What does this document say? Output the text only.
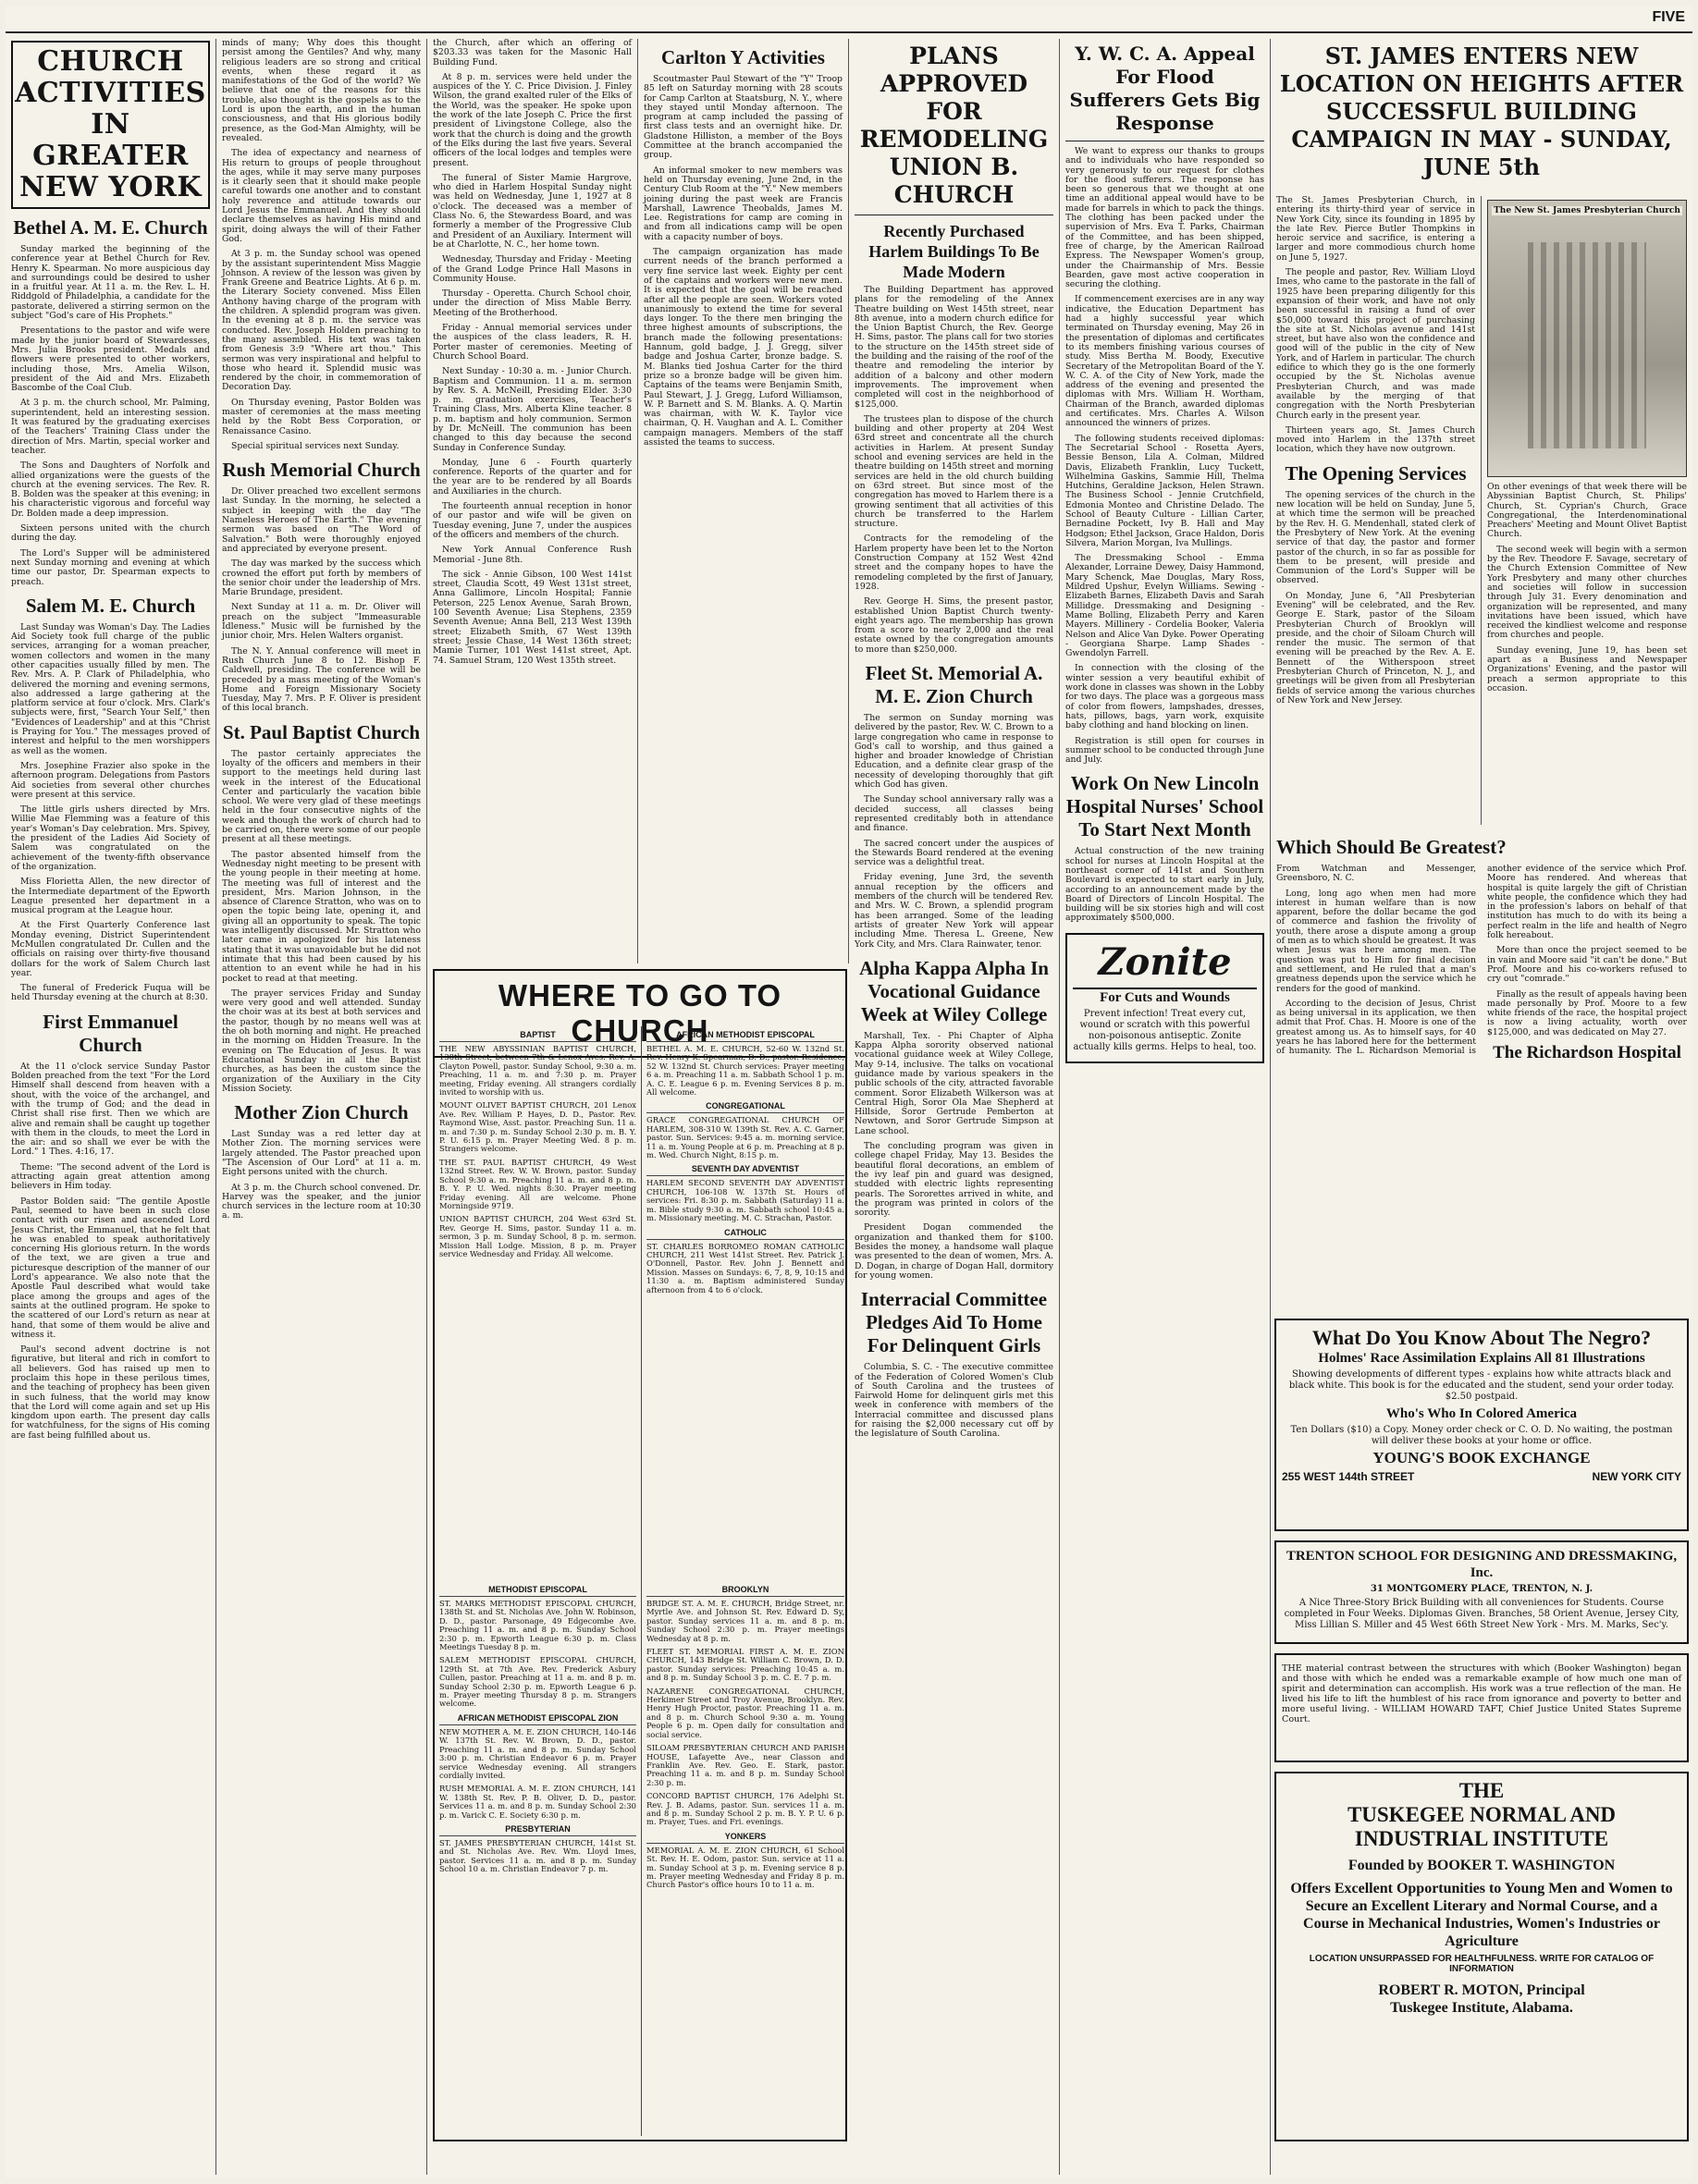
FIVE
CHURCH ACTIVITIES IN GREATER NEW YORK
Bethel A. M. E. Church

Sunday marked the beginning of the conference year at Bethel Church for Rev. Henry K. Spearman. No more auspicious day and surroundings could be desired to usher in a fruitful year. At 11 a. m. the Rev. L. H. Riddgold of Philadelphia, a candidate for the pastorate, delivered a stirring sermon on the subject "God's care of His Prophets."

Presentations to the pastor and wife were made by the junior board of Stewardesses, Mrs. Julia Brooks president. Medals and flowers were presented to other workers, including those, Mrs. Amelia Wilson, president of the Aid and Mrs. Elizabeth Bascombe of the Coal Club.

At 3 p. m. the church school, Mr. Palming, superintendent, held an interesting session. It was featured by the graduating exercises of the Teachers' Training Class under the direction of Mrs. Martin, special worker and teacher.

The Sons and Daughters of Norfolk and allied organizations were the guests of the church at the evening services. The Rev. R. B. Bolden was the speaker at this evening; in his characteristic vigorous and forceful way Dr. Bolden made a deep impression.

Sixteen persons united with the church during the day.

The Lord's Supper will be administered next Sunday morning and evening at which time our pastor, Dr. Spearman expects to preach.

Salem M. E. Church

Last Sunday was Woman's Day. The Ladies Aid Society took full charge of the public services, arranging for a woman preacher, women collectors and women in the many other capacities usually filled by men. The Rev. Mrs. A. P. Clark of Philadelphia, who delivered the morning and evening sermons, also addressed a large gathering at the platform service at four o'clock. Mrs. Clark's subjects were, first, "Search Your Self," then "Evidences of Leadership" and at this "Christ is Praying for You." The messages proved of interest and helpful to the men worshippers as well as the women.

Mrs. Josephine Frazier also spoke in the afternoon program. Delegations from Pastors Aid societies from several other churches were present at this service.

The little girls ushers directed by Mrs. Willie Mae Flemming was a feature of this year's Woman's Day celebration. Mrs. Spivey, the president of the Ladies Aid Society of Salem was congratulated on the achievement of the twenty-fifth observance of the organization.

Miss Florietta Allen, the new director of the Intermediate department of the Epworth League presented her department in a musical program at the League hour.

At the First Quarterly Conference last Monday evening, District Superintendent McMullen congratulated Dr. Cullen and the officials on raising over thirty-five thousand dollars for the work of Salem Church last year.

The funeral of Frederick Fuqua will be held Thursday evening at the church at 8:30.

First Emmanuel Church

At the 11 o'clock service Sunday Pastor Bolden preached from the text "For the Lord Himself shall descend from heaven with a shout, with the voice of the archangel, and with the trump of God; and the dead in Christ shall rise first. Then we which are alive and remain shall be caught up together with them in the clouds, to meet the Lord in the air: and so shall we ever be with the Lord." 1 Thes. 4:16, 17.

Theme: "The second advent of the Lord is attracting again great attention among believers in Him today.

Pastor Bolden said: "The gentile Apostle Paul, seemed to have been in such close contact with our risen and ascended Lord Jesus Christ, the Emmanuel, that he felt that he was enabled to speak authoritatively concerning His glorious return. In the words of the text, we are given a true and picturesque description of the manner of our Lord's appearance. We also note that the Apostle Paul described what would take place among the groups and ages of the saints at the outlined program. He spoke to the scattered of our Lord's return as near at hand, that some of them would be alive and witness it.

Paul's second advent doctrine is not figurative, but literal and rich in comfort to all believers. God has raised up men to proclaim this hope in these perilous times, and the teaching of prophecy has been given in such fulness, that the world may know that the Lord will come again and set up His kingdom upon earth. The present day calls for watchfulness, for the signs of His coming are fast being fulfilled about us.

minds of many; Why does this thought persist among the Gentiles? And why, many religious leaders are so strong and critical events, when these regard it as manifestations of the God of the world? We believe that one of the reasons for this trouble, also thought is the gospels as to the Lord is upon the earth, and in the human consciousness, and that His glorious bodily presence, as the God-Man Almighty, will be revealed.

The idea of expectancy and nearness of His return to groups of people throughout the ages, while it may serve many purposes is it clearly seen that it should make people careful towards one another and to constant holy reverence and attitude towards our Lord Jesus the Emmanuel. And they should declare themselves as having His mind and spirit, doing always the will of their Father God.

At 3 p. m. the Sunday school was opened by the assistant superintendent Miss Maggie Johnson. A review of the lesson was given by Frank Greene and Beatrice Lights. At 6 p. m. the Literary Society convened. Miss Ellen Anthony having charge of the program with the children. A splendid program was given. In the evening at 8 p. m. the service was conducted. Rev. Joseph Holden preaching to the many assembled. His text was taken from Genesis 3:9 "Where art thou." This sermon was very inspirational and helpful to those who heard it. Splendid music was rendered by the choir, in commemoration of Decoration Day.

On Thursday evening, Pastor Bolden was master of ceremonies at the mass meeting held by the Robt Bess Corporation, or Renaissance Casino.

Special spiritual services next Sunday.

Rush Memorial Church

Dr. Oliver preached two excellent sermons last Sunday. In the morning, he selected a subject in keeping with the day "The Nameless Heroes of The Earth." The evening sermon was based on "The Word of Salvation." Both were thoroughly enjoyed and appreciated by everyone present.

The day was marked by the success which crowned the effort put forth by members of the senior choir under the leadership of Mrs. Marie Brundage, president.

Next Sunday at 11 a. m. Dr. Oliver will preach on the subject "Immeasurable Idleness." Music will be furnished by the junior choir, Mrs. Helen Walters organist.

The N. Y. Annual conference will meet in Rush Church June 8 to 12. Bishop F. Caldwell, presiding. The conference will be preceded by a mass meeting of the Woman's Home and Foreign Missionary Society Tuesday, May 7. Mrs. P. F. Oliver is president of this local branch.

St. Paul Baptist Church

The pastor certainly appreciates the loyalty of the officers and members in their support to the meetings held during last week in the interest of the Educational Center and particularly the vacation bible school. We were very glad of these meetings held in the four consecutive nights of the week and though the work of church had to be carried on, there were some of our people present at all these meetings.

The pastor absented himself from the Wednesday night meeting to be present with the young people in their meeting at home. The meeting was full of interest and the president, Mrs. Marion Johnson, in the absence of Clarence Stratton, who was on to open the topic being late, opening it, and giving all an opportunity to speak. The topic was intelligently discussed. Mr. Stratton who later came in apologized for his lateness stating that it was unavoidable but he did not intimate that this had been caused by his attention to an event while he had in his pocket to read at that meeting.

The prayer services Friday and Sunday were very good and well attended. Sunday the choir was at its best at both services and the pastor, though by no means well was at the oh both morning and night. He preached in the morning on Hidden Treasure. In the evening on The Education of Jesus. It was Educational Sunday in all the Baptist churches, as has been the custom since the organization of the Auxiliary in the City Mission Society.

Mother Zion Church

Last Sunday was a red letter day at Mother Zion. The morning services were largely attended. The Pastor preached upon "The Ascension of Our Lord" at 11 a. m. Eight persons united with the church.

At 3 p. m. the Church school convened. Dr. Harvey was the speaker, and the junior church services in the lecture room at 10:30 a. m.

the Church, after which an offering of $203.33 was taken for the Masonic Hall Building Fund.

At 8 p. m. services were held under the auspices of the Y. C. Price Division. J. Finley Wilson, the grand exalted ruler of the Elks of the World, was the speaker. He spoke upon the work of the late Joseph C. Price the first president of Livingstone College, also the work that the church is doing and the growth of the Elks during the last five years. Several officers of the local lodges and temples were present.

The funeral of Sister Mamie Hargrove, who died in Harlem Hospital Sunday night was held on Wednesday, June 1, 1927 at 8 o'clock. The deceased was a member of Class No. 6, the Stewardess Board, and was formerly a member of the Progressive Club and President of an Auxiliary. Interment will be at Charlotte, N. C., her home town.

Wednesday, Thursday and Friday - Meeting of the Grand Lodge Prince Hall Masons in Community House.

Thursday - Operetta. Church School choir, under the direction of Miss Mable Berry. Meeting of the Brotherhood.

Friday - Annual memorial services under the auspices of the class leaders, R. H. Porter master of ceremonies. Meeting of Church School Board.

Next Sunday - 10:30 a. m. - Junior Church. Baptism and Communion. 11 a. m. sermon by Rev. S. A. McNeill, Presiding Elder. 3:30 p. m. graduation exercises, Teacher's Training Class, Mrs. Alberta Kline teacher. 8 p. m. baptism and holy communion. Sermon by Dr. McNeill. The communion has been changed to this day because the second Sunday in Conference Sunday.

Monday, June 6 - Fourth quarterly conference. Reports of the quarter and for the year are to be rendered by all Boards and Auxiliaries in the church.

The fourteenth annual reception in honor of our pastor and wife will be given on Tuesday evening, June 7, under the auspices of the officers and members of the church.

New York Annual Conference Rush Memorial - June 8th.

The sick - Annie Gibson, 100 West 141st street, Claudia Scott, 49 West 131st street, Anna Gallimore, Lincoln Hospital; Fannie Peterson, 225 Lenox Avenue, Sarah Brown, 100 Seventh Avenue; Lisa Stephens, 2359 Seventh Avenue; Anna Bell, 213 West 139th street; Elizabeth Smith, 67 West 139th street; Jessie Chase, 14 West 136th street; Mamie Turner, 101 West 141st street, Apt. 74. Samuel Stram, 120 West 135th street.

Carlton Y Activities

Scoutmaster Paul Stewart of the "Y" Troop 85 left on Saturday morning with 28 scouts for Camp Carlton at Staatsburg, N. Y., where they stayed until Monday afternoon. The program at camp included the passing of first class tests and an overnight hike. Dr. Gladstone Hilliston, a member of the Boys Committee at the branch accompanied the group.

An informal smoker to new members was held on Thursday evening, June 2nd, in the Century Club Room at the "Y." New members joining during the past week are Francis Marshall, Lawrence Theobalds, James M. Lee. Registrations for camp are coming in and from all indications camp will be open with a capacity number of boys.

The campaign organization has made current needs of the branch performed a very fine service last week. Eighty per cent of the captains and workers were new men. It is expected that the goal will be reached after all the people are seen. Workers voted unanimously to extend the time for several days longer. To the there men bringing the three highest amounts of subscriptions, the branch made the following presentations: Hannum, gold badge, J. J. Gregg, silver badge and Joshua Carter, bronze badge. S. M. Blanks tied Joshua Carter for the third prize so a bronze badge will be given him. Captains of the teams were Benjamin Smith, Paul Stewart, J. J. Gregg, Luford Williamson, W. P. Barnett and S. M. Blanks. A. Q. Martin was chairman, with W. K. Taylor vice chairman, Q. H. Vaughan and A. L. Comither campaign managers. Members of the staff assisted the teams to success.

WHERE TO GO TO CHURCH
BAPTIST
THE NEW ABYSSINIAN BAPTIST CHURCH, 138th Street, between 7th & Lenox Aves. Rev. A. Clayton Powell, pastor. Sunday School, 9:30 a. m. Preaching, 11 a. m. and 7:30 p. m. Prayer meeting, Friday evening. All strangers cordially invited to worship with us.
MOUNT OLIVET BAPTIST CHURCH, 201 Lenox Ave. Rev. William P. Hayes, D. D., Pastor. Rev. Raymond Wise, Asst. pastor. Preaching Sun. 11 a. m. and 7:30 p. m. Sunday School 2:30 p. m. B. Y. P. U. 6:15 p. m. Prayer Meeting Wed. 8 p. m. Strangers welcome.
THE ST. PAUL BAPTIST CHURCH, 49 West 132nd Street. Rev. W. W. Brown, pastor. Sunday School 9:30 a. m. Preaching 11 a. m. and 8 p. m. B. Y. P. U. Wed. nights 8:30. Prayer meeting Friday evening. All are welcome. Phone Morningside 9719.
UNION BAPTIST CHURCH, 204 West 63rd St. Rev. George H. Sims, pastor. Sunday 11 a. m. sermon, 3 p. m. Sunday School, 8 p. m. sermon. Mission Hall Lodge. Mission, 8 p. m. Prayer service Wednesday and Friday. All welcome.
AFRICAN METHODIST EPISCOPAL
BETHEL A. M. E. CHURCH, 52-60 W. 132nd St. Rev. Henry K. Spearman, D. D., pastor. Residence, 52 W. 132nd St. Church services: Prayer meeting 6 a. m. Preaching 11 a. m. Sabbath School 1 p. m. A. C. E. League 6 p. m. Evening Services 8 p. m. All welcome.
CONGREGATIONAL
GRACE CONGREGATIONAL CHURCH OF HARLEM, 308-310 W. 139th St. Rev. A. C. Garner, pastor. Sun. Services: 9:45 a. m. morning service. 11 a. m. Young People at 6 p. m. Preaching at 8 p. m. Wed. Church Night, 8:15 p. m.
SEVENTH DAY ADVENTIST
HARLEM SECOND SEVENTH DAY ADVENTIST CHURCH, 106-108 W. 137th St. Hours of services: Fri. 8:30 p. m. Sabbath (Saturday) 11 a. m. Bible study 9:30 a. m. Sabbath school 10:45 a. m. Missionary meeting. M. C. Strachan, Pastor.
CATHOLIC
ST. CHARLES BORROMEO ROMAN CATHOLIC CHURCH, 211 West 141st Street. Rev. Patrick J. O'Donnell, Pastor. Rev. John J. Bennett and Mission. Masses on Sundays: 6, 7, 8, 9, 10:15 and 11:30 a. m. Baptism administered Sunday afternoon from 4 to 6 o'clock.
METHODIST EPISCOPAL
ST. MARKS METHODIST EPISCOPAL CHURCH, 138th St. and St. Nicholas Ave. John W. Robinson, D. D., pastor. Parsonage, 49 Edgecombe Ave. Preaching 11 a. m. and 8 p. m. Sunday School 2:30 p. m. Epworth League 6:30 p. m. Class Meetings Tuesday 8 p. m.
SALEM METHODIST EPISCOPAL CHURCH, 129th St. at 7th Ave. Rev. Frederick Asbury Cullen, pastor. Preaching at 11 a. m. and 8 p. m. Sunday School 2:30 p. m. Epworth League 6 p. m. Prayer meeting Thursday 8 p. m. Strangers welcome.
AFRICAN METHODIST EPISCOPAL ZION
NEW MOTHER A. M. E. ZION CHURCH, 140-146 W. 137th St. Rev. W. Brown, D. D., pastor. Preaching 11 a. m. and 8 p. m. Sunday School 3:00 p. m. Christian Endeavor 6 p. m. Prayer service Wednesday evening. All strangers cordially invited.
RUSH MEMORIAL A. M. E. ZION CHURCH, 141 W. 138th St. Rev. P. B. Oliver, D. D., pastor. Services 11 a. m. and 8 p. m. Sunday School 2:30 p. m. Varick C. E. Society 6:30 p. m.
PRESBYTERIAN
ST. JAMES PRESBYTERIAN CHURCH, 141st St. and St. Nicholas Ave. Rev. Wm. Lloyd Imes, pastor. Services 11 a. m. and 8 p. m. Sunday School 10 a. m. Christian Endeavor 7 p. m.
BROOKLYN
BRIDGE ST. A. M. E. CHURCH, Bridge Street, nr. Myrtle Ave. and Johnson St. Rev. Edward D. Sy, pastor. Sunday services 11 a. m. and 8 p. m. Sunday School 2:30 p. m. Prayer meetings Wednesday at 8 p. m.
FLEET ST. MEMORIAL FIRST A. M. E. ZION CHURCH, 143 Bridge St. William C. Brown, D. D. pastor. Sunday services: Preaching 10:45 a. m. and 8 p. m. Sunday School 3 p. m. C. E. 7 p. m.
NAZARENE CONGREGATIONAL CHURCH, Herkimer Street and Troy Avenue, Brooklyn. Rev. Henry Hugh Proctor, pastor. Preaching 11 a. m. and 8 p. m. Church School 9:30 a. m. Young People 6 p. m. Open daily for consultation and social service.
SILOAM PRESBYTERIAN CHURCH AND PARISH HOUSE, Lafayette Ave., near Classon and Franklin Ave. Rev. Geo. E. Stark, pastor. Preaching 11 a. m. and 8 p. m. Sunday School 2:30 p. m.
CONCORD BAPTIST CHURCH, 176 Adelphi St. Rev. J. B. Adams, pastor. Sun. services 11 a. m. and 8 p. m. Sunday School 2 p. m. B. Y. P. U. 6 p. m. Prayer, Tues. and Fri. evenings.
YONKERS
MEMORIAL A. M. E. ZION CHURCH, 61 School St. Rev. H. E. Odom, pastor. Sun. service at 11 a. m. Sunday School at 3 p. m. Evening service 8 p. m. Prayer meeting Wednesday and Friday 8 p. m. Church Pastor's office hours 10 to 11 a. m.
PLANS APPROVED FOR REMODELING UNION B. CHURCH
Recently Purchased Harlem Buildings To Be Made Modern

The Building Department has approved plans for the remodeling of the Annex Theatre building on West 145th street, near 8th avenue, into a modern church edifice for the Union Baptist Church, the Rev. George H. Sims, pastor. The plans call for two stories to the structure on the 145th street side of the building and the raising of the roof of the theatre and remodeling the interior by addition of a balcony and other modern improvements. The improvement when completed will cost in the neighborhood of $125,000.

The trustees plan to dispose of the church building and other property at 204 West 63rd street and concentrate all the church activities in Harlem. At present Sunday school and evening services are held in the theatre building on 145th street and morning services are held in the old church building on 63rd street. But since most of the congregation has moved to Harlem there is a growing sentiment that all activities of this church be transferred to the Harlem structure.

Contracts for the remodeling of the Harlem property have been let to the Norton Construction Company at 152 West 42nd street and the company hopes to have the remodeling completed by the first of January, 1928.

Rev. George H. Sims, the present pastor, established Union Baptist Church twenty-eight years ago. The membership has grown from a score to nearly 2,000 and the real estate owned by the congregation amounts to more than $250,000.

Fleet St. Memorial A. M. E. Zion Church

The sermon on Sunday morning was delivered by the pastor, Rev. W. C. Brown to a large congregation who came in response to God's call to worship, and thus gained a higher and broader knowledge of Christian Education, and a definite clear grasp of the necessity of developing thoroughly that gift which God has given.

The Sunday school anniversary rally was a decided success, all classes being represented creditably both in attendance and finance.

The sacred concert under the auspices of the Stewards Board rendered at the evening service was a delightful treat.

Friday evening, June 3rd, the seventh annual reception by the officers and members of the church will be tendered Rev. and Mrs. W. C. Brown, a splendid program has been arranged. Some of the leading artists of greater New York will appear including Mme. Theresa L. Greene, New York City, and Mrs. Clara Rainwater, tenor.

Alpha Kappa Alpha In Vocational Guidance Week at Wiley College

Marshall, Tex. - Phi Chapter of Alpha Kappa Alpha sorority observed national vocational guidance week at Wiley College, May 9-14, inclusive. The talks on vocational guidance made by various speakers in the public schools of the city, attracted favorable comment. Soror Elizabeth Wilkerson was at Central High, Soror Ola Mae Shepherd at Hillside, Soror Gertrude Pemberton at Newtown, and Soror Gertrude Simpson at Lane school.

The concluding program was given in college chapel Friday, May 13. Besides the beautiful floral decorations, an emblem of the ivy leaf pin and guard was designed, studded with electric lights representing pearls. The Sororettes arrived in white, and the program was printed in colors of the sorority.

President Dogan commended the organization and thanked them for $100. Besides the money, a handsome wall plaque was presented to the dean of women, Mrs. A. D. Dogan, in charge of Dogan Hall, dormitory for young women.

Interracial Committee Pledges Aid To Home For Delinquent Girls

Columbia, S. C. - The executive committee of the Federation of Colored Women's Club of South Carolina and the trustees of Fairwold Home for delinquent girls met this week in conference with members of the Interracial committee and discussed plans for raising the $2,000 necessary cut off by the legislature of South Carolina.

Y. W. C. A. Appeal For Flood Sufferers Gets Big Response

We want to express our thanks to groups and to individuals who have responded so very generously to our request for clothes for the flood sufferers. The response has been so generous that we thought at one time an additional appeal would have to be made for barrels in which to pack the things. The clothing has been packed under the supervision of Mrs. Eva T. Parks, Chairman of the Committee, and has been shipped, free of charge, by the American Railroad Express. The Newspaper Women's group, under the Chairmanship of Mrs. Bessie Bearden, gave most active cooperation in securing the clothing.

If commencement exercises are in any way indicative, the Education Department has had a highly successful year which terminated on Thursday evening, May 26 in the presentation of diplomas and certificates to its members finishing various courses of study. Miss Bertha M. Boody, Executive Secretary of the Metropolitan Board of the Y. W. C. A. of the City of New York, made the address of the evening and presented the diplomas with Mrs. William H. Wortham, Chairman of the Branch, awarded diplomas and certificates. Mrs. Charles A. Wilson announced the winners of prizes.

The following students received diplomas: The Secretarial School - Rosetta Ayers, Bessie Benson, Lila A. Colman, Mildred Davis, Elizabeth Franklin, Lucy Tuckett, Wilhelmina Gaskins, Sammie Hill, Thelma Hutchins, Geraldine Jackson, Helen Strawn. The Business School - Jennie Crutchfield, Edmonia Monteo and Christine Delado. The School of Beauty Culture - Lillian Carter, Bernadine Pockett, Ivy B. Hall and May Hodgson; Ethel Jackson, Grace Haldon, Doris Silvera, Marion Morgan, Iva Mullings.

The Dressmaking School - Emma Alexander, Lorraine Dewey, Daisy Hammond, Mary Schenck, Mae Douglas, Mary Ross, Mildred Upshur, Evelyn Williams. Sewing - Elizabeth Barnes, Elizabeth Davis and Sarah Millidge. Dressmaking and Designing - Mame Bolling, Elizabeth Perry and Karen Mayers. Millinery - Cordelia Booker, Valeria Nelson and Alice Van Dyke. Power Operating - Georgiana Sharpe. Lamp Shades - Gwendolyn Farrell.

In connection with the closing of the winter session a very beautiful exhibit of work done in classes was shown in the Lobby for two days. The place was a gorgeous mass of color from flowers, lampshades, dresses, hats, pillows, bags, yarn work, exquisite baby clothing and hand blocking on linen.

Registration is still open for courses in summer school to be conducted through June and July.

Work On New Lincoln Hospital Nurses' School To Start Next Month

Actual construction of the new training school for nurses at Lincoln Hospital at the northeast corner of 141st and Southern Boulevard is expected to start early in July, according to an announcement made by the Board of Directors of Lincoln Hospital. The building will be six stories high and will cost approximately $500,000.

Zonite
For Cuts and Wounds
Prevent infection! Treat every cut, wound or scratch with this powerful non-poisonous antiseptic. Zonite actually kills germs. Helps to heal, too.
ST. JAMES ENTERS NEW LOCATION ON HEIGHTS AFTER SUCCESSFUL BUILDING CAMPAIGN IN MAY - SUNDAY, JUNE 5th

The St. James Presbyterian Church, in entering its thirty-third year of service in New York City, since its founding in 1895 by the late Rev. Pierce Butler Thompkins in heroic service and sacrifice, is entering a larger and more commodious church home on June 5, 1927.

The people and pastor, Rev. William Lloyd Imes, who came to the pastorate in the fall of 1925 have been preparing diligently for this expansion of their work, and have not only been successful in raising a fund of over $50,000 toward this project of purchasing the site at St. Nicholas avenue and 141st street, but have also won the confidence and good will of the public in the city of New York, and of Harlem in particular. The church edifice to which they go is the one formerly occupied by the St. Nicholas avenue Presbyterian Church, and was made available by the merging of that congregation with the North Presbyterian Church early in the present year.

Thirteen years ago, St. James Church moved into Harlem in the 137th street location, which they have now outgrown.

The Opening Services

The opening services of the church in the new location will be held on Sunday, June 5, at which time the sermon will be preached by the Rev. H. G. Mendenhall, stated clerk of the Presbytery of New York. At the evening service of that day, the pastor and former pastor of the church, in so far as possible for them to be present, will preside and Communion of the Lord's Supper will be observed.

On Monday, June 6, "All Presbyterian Evening" will be celebrated, and the Rev. George E. Stark, pastor of the Siloam Presbyterian Church of Brooklyn will preside, and the choir of Siloam Church will render the music. The sermon of that evening will be preached by the Rev. A. E. Bennett of the Witherspoon street Presbyterian Church of Princeton, N. J., and greetings will be given from all Presbyterian fields of service among the various churches of New York and New Jersey.

The New St. James Presbyterian Church

On other evenings of that week there will be Abyssinian Baptist Church, St. Philips' Church, St. Cyprian's Church, Grace Congregational, the Interdenominational Preachers' Meeting and Mount Olivet Baptist Church.

The second week will begin with a sermon by the Rev. Theodore F. Savage, secretary of the Church Extension Committee of New York Presbytery and many other churches and societies will follow in succession through July 31. Every denomination and organization will be represented, and many invitations have been issued, which have received the kindliest welcome and response from churches and people.

Sunday evening, June 19, has been set apart as a Business and Newspaper Organizations' Evening, and the pastor will preach a sermon appropriate to this occasion.

Which Should Be Greatest?

From Watchman and Messenger, Greensboro, N. C.

Long, long ago when men had more interest in human welfare than is now apparent, before the dollar became the god of commerce and fashion the frivolity of youth, there arose a dispute among a group of men as to which should be greatest. It was when Jesus was here among men. The question was put to Him for final decision and settlement, and He ruled that a man's greatness depends upon the service which he renders for the good of mankind.

According to the decision of Jesus, Christ as being universal in its application, we then admit that Prof. Chas. H. Moore is one of the greatest among us. As to himself says, for 40 years he has labored here for the betterment of humanity. The L. Richardson Memorial is another evidence of the service which Prof. Moore has rendered. And whereas that hospital is quite largely the gift of Christian white people, the confidence which they had in the profession's labors on behalf of that institution has much to do with its being a perfect realm in the life and health of Negro folk hereabout.

More than once the project seemed to be in vain and Moore said "it can't be done." But Prof. Moore and his co-workers refused to cry out "comrade."

Finally as the result of appeals having been made personally by Prof. Moore to a few white friends of the race, the hospital project is now a living actuality, worth over $125,000, and was dedicated on May 27.

The Richardson Hospital
What Do You Know About The Negro?
Holmes' Race Assimilation Explains All 81 Illustrations
Showing developments of different types - explains how white attracts black and black white. This book is for the educated and the student, send your order today. $2.50 postpaid.
Who's Who In Colored America
Ten Dollars ($10) a Copy. Money order check or C. O. D. No waiting, the postman will deliver these books at your home or office.
YOUNG'S BOOK EXCHANGE
255 WEST 144th STREET	NEW YORK CITY
TRENTON SCHOOL FOR DESIGNING AND DRESSMAKING, Inc.
31 MONTGOMERY PLACE, TRENTON, N. J.
A Nice Three-Story Brick Building with all conveniences for Students. Course completed in Four Weeks. Diplomas Given. Branches, 58 Orient Avenue, Jersey City, Miss Lillian S. Miller and 45 West 66th Street New York - Mrs. M. Marks, Sec'y.
THE material contrast between the structures with which (Booker Washington) began and those with which he ended was a remarkable example of how much one man of spirit and determination can accomplish. His work was a true reflection of the man. He lived his life to lift the humblest of his race from ignorance and poverty to better and more useful living. - WILLIAM HOWARD TAFT, Chief Justice United States Supreme Court.
THE
TUSKEGEE NORMAL AND INDUSTRIAL INSTITUTE
Founded by BOOKER T. WASHINGTON
Offers Excellent Opportunities to Young Men and Women to Secure an Excellent Literary and Normal Course, and a Course in Mechanical Industries, Women's Industries or Agriculture
LOCATION UNSURPASSED FOR HEALTHFULNESS. WRITE FOR CATALOG OF INFORMATION
ROBERT R. MOTON, Principal
Tuskegee Institute, Alabama.
